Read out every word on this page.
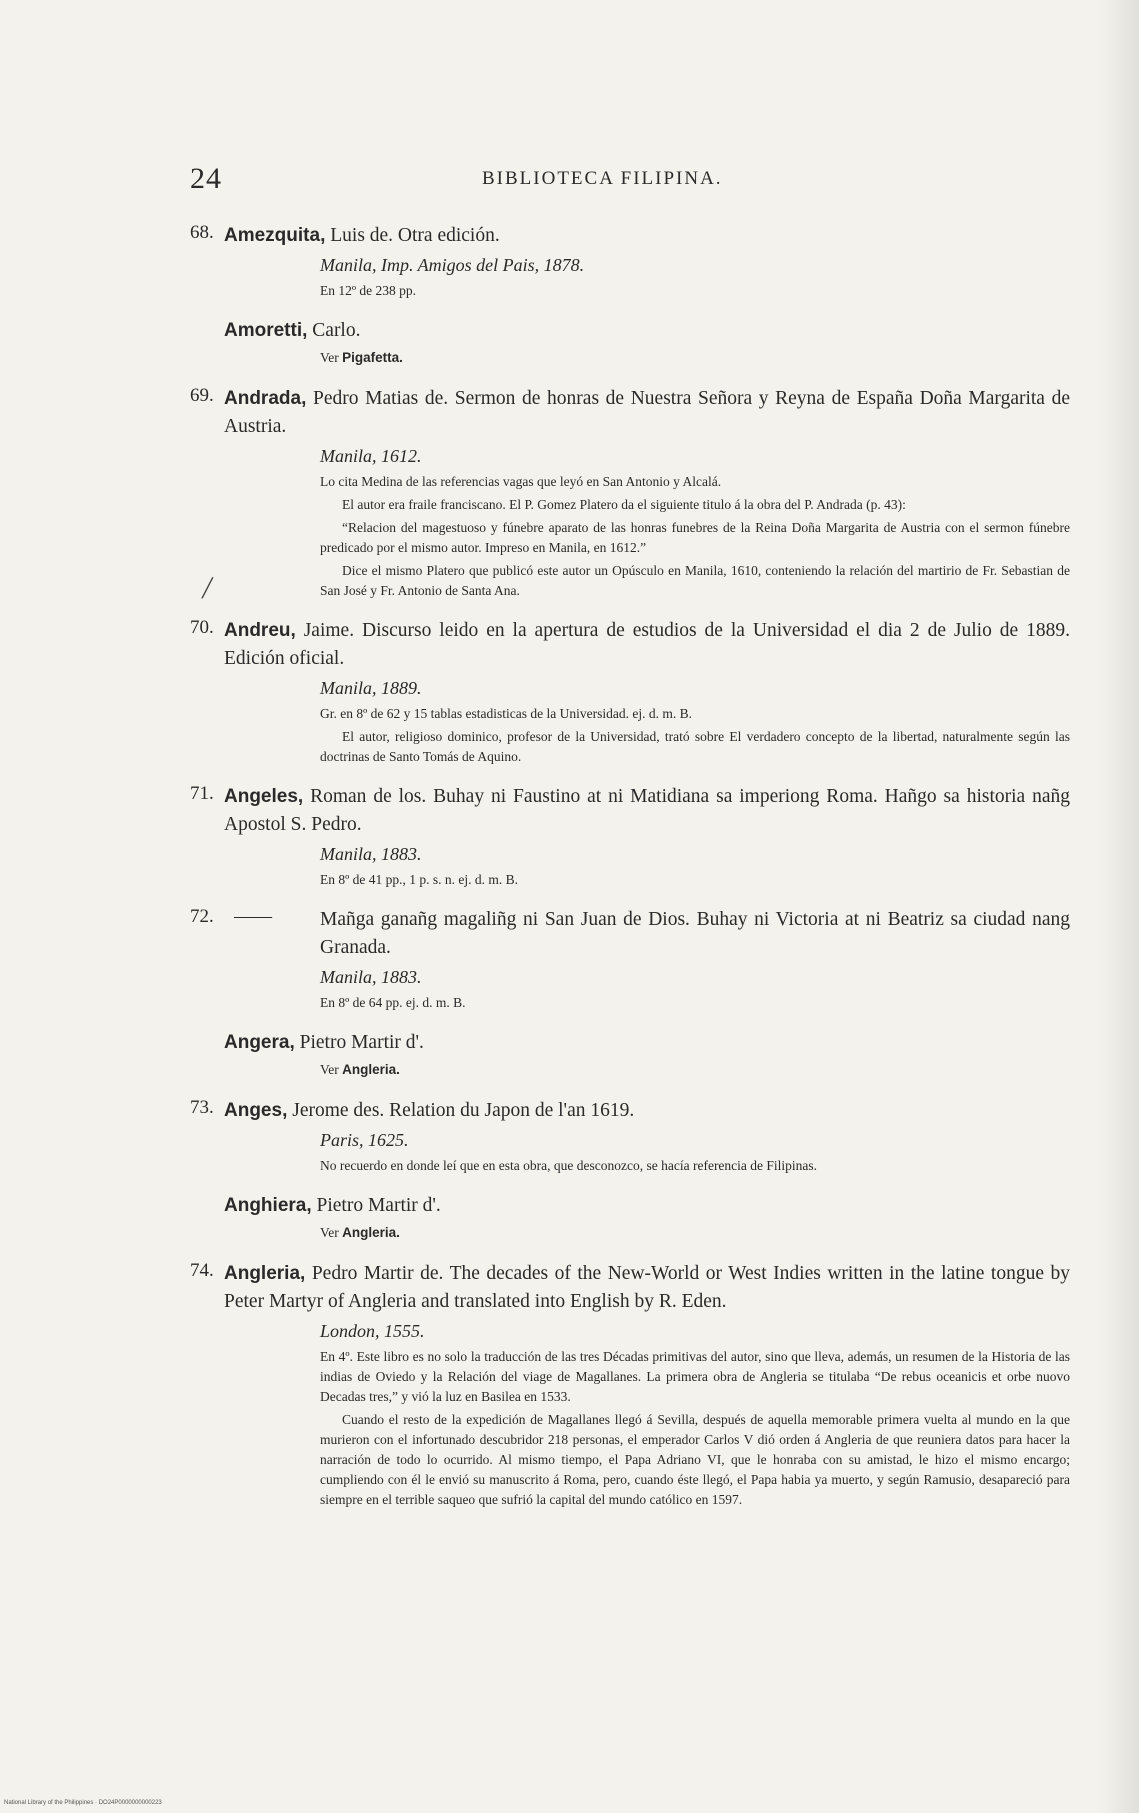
24	BIBLIOTECA FILIPINA.
╱
68. Amezquita, Luis de. Otra edición.
Manila, Imp. Amigos del Pais, 1878.
En 12º de 238 pp.
Amoretti, Carlo.
Ver Pigafetta.
69. Andrada, Pedro Matias de. Sermon de honras de Nuestra Señora y Reyna de España Doña Margarita de Austria.
Manila, 1612.
Lo cita Medina de las referencias vagas que leyó en San Antonio y Alcalá.
El autor era fraile franciscano. El P. Gomez Platero da el siguiente titulo á la obra del P. Andrada (p. 43):
“Relacion del magestuoso y fúnebre aparato de las honras funebres de la Reina Doña Margarita de Austria con el sermon fúnebre predicado por el mismo autor. Impreso en Manila, en 1612.”
Dice el mismo Platero que publicó este autor un Opúsculo en Manila, 1610, conteniendo la relación del martirio de Fr. Sebastian de San José y Fr. Antonio de Santa Ana.
70. Andreu, Jaime. Discurso leido en la apertura de estudios de la Universidad el dia 2 de Julio de 1889. Edición oficial.
Manila, 1889.
Gr. en 8º de 62 y 15 tablas estadisticas de la Universidad. ej. d. m. B.
El autor, religioso dominico, profesor de la Universidad, trató sobre El verdadero concepto de la libertad, naturalmente según las doctrinas de Santo Tomás de Aquino.
71. Angeles, Roman de los. Buhay ni Faustino at ni Matidiana sa imperiong Roma. Hañgo sa historia nañg Apostol S. Pedro.
Manila, 1883.
En 8º de 41 pp., 1 p. s. n. ej. d. m. B.
72. —— Mañga ganañg magaliñg ni San Juan de Dios. Buhay ni Victoria at ni Beatriz sa ciudad nang Granada.
Manila, 1883.
En 8º de 64 pp. ej. d. m. B.
Angera, Pietro Martir d'.
Ver Angleria.
73. Anges, Jerome des. Relation du Japon de l'an 1619.
Paris, 1625.
No recuerdo en donde leí que en esta obra, que desconozco, se hacía referencia de Filipinas.
Anghiera, Pietro Martir d'.
Ver Angleria.
74. Angleria, Pedro Martir de. The decades of the New-World or West Indies written in the latine tongue by Peter Martyr of Angleria and translated into English by R. Eden.
London, 1555.
En 4º. Este libro es no solo la traducción de las tres Décadas primitivas del autor, sino que lleva, además, un resumen de la Historia de las indias de Oviedo y la Relación del viage de Magallanes. La primera obra de Angleria se titulaba “De rebus oceanicis et orbe nuovo Decadas tres,” y vió la luz en Basilea en 1533.
Cuando el resto de la expedición de Magallanes llegó á Sevilla, después de aquella memorable primera vuelta al mundo en la que murieron con el infortunado descubridor 218 personas, el emperador Carlos V dió orden á Angleria de que reuniera datos para hacer la narración de todo lo ocurrido. Al mismo tiempo, el Papa Adriano VI, que le honraba con su amistad, le hizo el mismo encargo; cumpliendo con él le envió su manuscrito á Roma, pero, cuando éste llegó, el Papa habia ya muerto, y según Ramusio, desapareció para siempre en el terrible saqueo que sufrió la capital del mundo católico en 1597.
National Library of the Philippines · DO24P0000000000223
